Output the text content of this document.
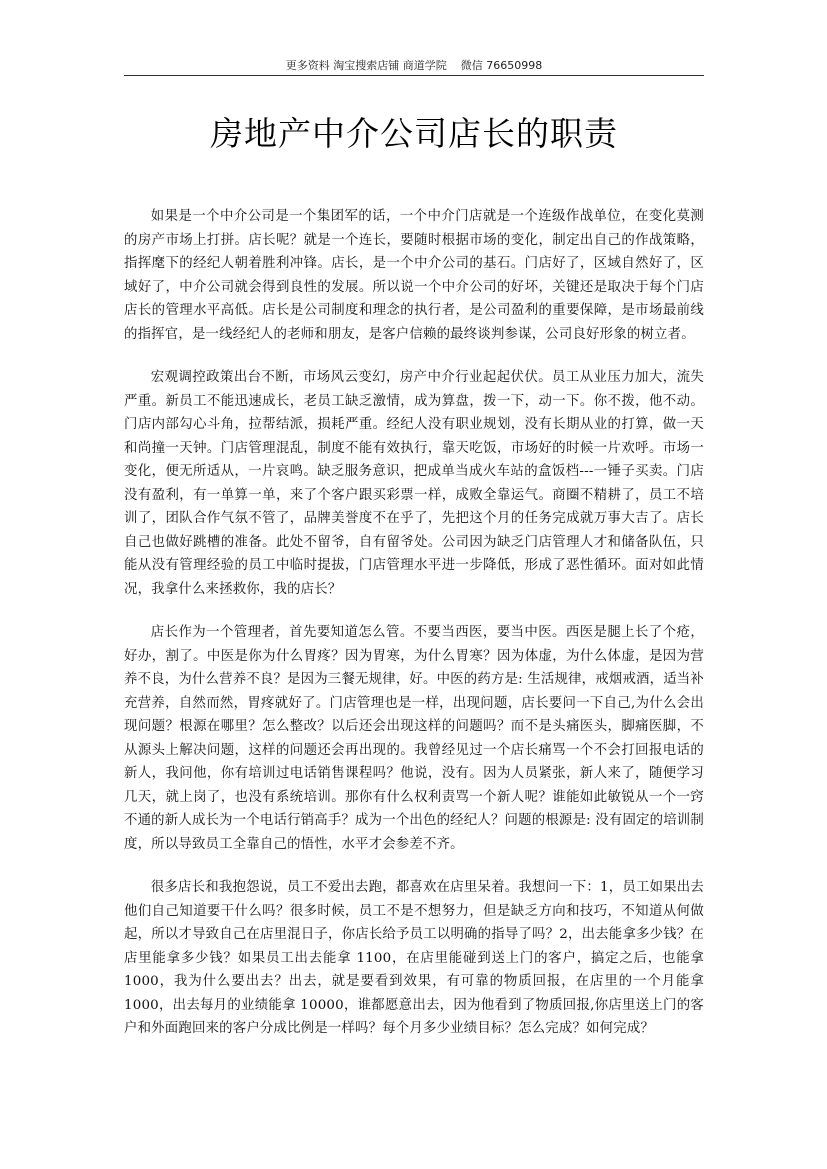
更多资料 淘宝搜索店铺 商道学院    微信 76650998
房地产中介公司店长的职责

如果是一个中介公司是一个集团军的话，一个中介门店就是一个连级作战单位，在变化莫测的房产市场上打拼。店长呢？就是一个连长，要随时根据市场的变化，制定出自己的作战策略，指挥麾下的经纪人朝着胜利冲锋。店长，是一个中介公司的基石。门店好了，区域自然好了，区域好了，中介公司就会得到良性的发展。所以说一个中介公司的好坏，关键还是取决于每个门店店长的管理水平高低。店长是公司制度和理念的执行者，是公司盈利的重要保障，是市场最前线的指挥官，是一线经纪人的老师和朋友，是客户信赖的最终谈判参谋，公司良好形象的树立者。

宏观调控政策出台不断，市场风云变幻，房产中介行业起起伏伏。员工从业压力加大，流失严重。新员工不能迅速成长，老员工缺乏激情，成为算盘，拨一下，动一下。你不拨，他不动。门店内部勾心斗角，拉帮结派，损耗严重。经纪人没有职业规划，没有长期从业的打算，做一天和尚撞一天钟。门店管理混乱，制度不能有效执行，靠天吃饭，市场好的时候一片欢呼。市场一变化，便无所适从，一片哀鸣。缺乏服务意识，把成单当成火车站的盒饭档---一锤子买卖。门店没有盈利，有一单算一单，来了个客户跟买彩票一样，成败全靠运气。商圈不精耕了，员工不培训了，团队合作气氛不管了，品牌美誉度不在乎了，先把这个月的任务完成就万事大吉了。店长自己也做好跳槽的准备。此处不留爷，自有留爷处。公司因为缺乏门店管理人才和储备队伍，只能从没有管理经验的员工中临时提拔，门店管理水平进一步降低，形成了恶性循环。面对如此情况，我拿什么来拯救你，我的店长？

店长作为一个管理者，首先要知道怎么管。不要当西医，要当中医。西医是腿上长了个疮，好办，割了。中医是你为什么胃疼？因为胃寒，为什么胃寒？因为体虚，为什么体虚，是因为营养不良，为什么营养不良？是因为三餐无规律，好。中医的药方是: 生活规律，戒烟戒酒，适当补充营养，自然而然，胃疼就好了。门店管理也是一样，出现问题，店长要问一下自己,为什么会出现问题？根源在哪里？怎么整改？以后还会出现这样的问题吗？而不是头痛医头，脚痛医脚，不从源头上解决问题，这样的问题还会再出现的。我曾经见过一个店长痛骂一个不会打回报电话的新人，我问他，你有培训过电话销售课程吗？他说，没有。因为人员紧张，新人来了，随便学习几天，就上岗了，也没有系统培训。那你有什么权利责骂一个新人呢？谁能如此敏锐从一个一窍不通的新人成长为一个电话行销高手？成为一个出色的经纪人？问题的根源是: 没有固定的培训制度，所以导致员工全靠自己的悟性，水平才会参差不齐。

很多店长和我抱怨说，员工不爱出去跑，都喜欢在店里呆着。我想问一下：1，员工如果出去他们自己知道要干什么吗？很多时候，员工不是不想努力，但是缺乏方向和技巧，不知道从何做起，所以才导致自己在店里混日子，你店长给予员工以明确的指导了吗？2，出去能拿多少钱？在店里能拿多少钱？如果员工出去能拿 1100，在店里能碰到送上门的客户，搞定之后，也能拿 1000，我为什么要出去？出去，就是要看到效果，有可靠的物质回报，在店里的一个月能拿 1000，出去每月的业绩能拿 10000，谁都愿意出去，因为他看到了物质回报,你店里送上门的客户和外面跑回来的客户分成比例是一样吗？每个月多少业绩目标？怎么完成？如何完成？
